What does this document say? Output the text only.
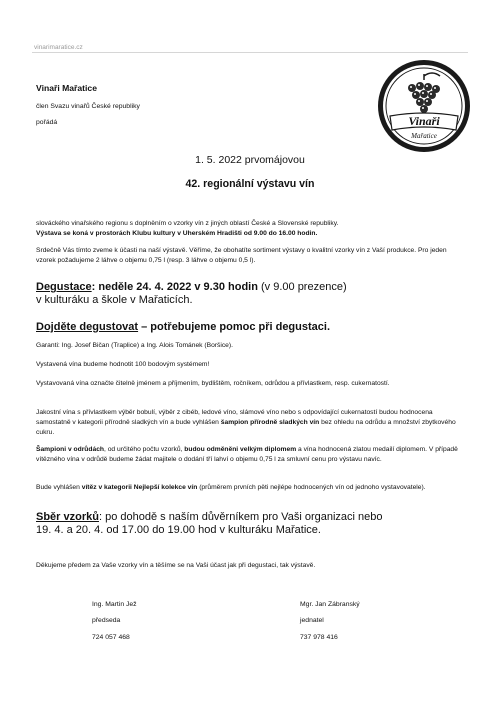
vinarimaratice.cz
Vinaři Mařatice
člen Svazu vinařů České republiky
pořádá	Vinaři
Mařatice
1. 5. 2022 prvomájovou
42. regionální výstavu vín
slováckého vinařského regionu s doplněním o vzorky vín z jiných oblastí České a Slovenské republiky.
Výstava se koná v prostorách Klubu kultury v Uherském Hradišti od 9.00 do 16.00 hodin.
Srdečně Vás tímto zveme k účasti na naší výstavě. Věříme, že obohatíte sortiment výstavy o kvalitní vzorky vín z Vaší produkce. Pro jeden vzorek požadujeme 2 láhve o objemu 0,75 l (resp. 3 láhve o objemu 0,5 l).
Degustace: neděle 24. 4. 2022 v 9.30 hodin (v 9.00 prezence)
v kulturáku a škole v Mařaticích.
Dojděte degustovat – potřebujeme pomoc při degustaci.
Garanti: Ing. Josef Bičan (Traplice) a Ing. Alois Tománek (Boršice).
Vystavená vína budeme hodnotit 100 bodovým systémem!
Vystavovaná vína označte čitelně jménem a příjmením, bydlištěm, ročníkem, odrůdou a přívlastkem, resp. cukernatostí.
Jakostní vína s přívlastkem výběr bobulí, výběr z cibéb, ledové víno, slámové víno nebo s odpovídající cukernatostí budou hodnocena samostatně v kategorii přírodně sladkých vín a bude vyhlášen šampion přírodně sladkých vín bez ohledu na odrůdu a množství zbytkového cukru.
Šampioni v odrůdách, od určitého počtu vzorků, budou odměněni velkým diplomem a vína hodnocená zlatou medailí diplomem. V případě vítězného vína v odrůdě budeme žádat majitele o dodání tří lahví o objemu 0,75 l za smluvní cenu pro výstavu navíc.
Bude vyhlášen vítěz v kategorii Nejlepší kolekce vín (průměrem prvních pěti nejlépe hodnocených vín od jednoho vystavovatele).
Sběr vzorků: po dohodě s naším důvěrníkem pro Vaši organizaci nebo
19. 4. a 20. 4. od 17.00 do 19.00 hod v kulturáku Mařatice.
Děkujeme předem za Vaše vzorky vín a těšíme se na Vaši účast jak při degustaci, tak výstavě.
Ing. Martin Jež
předseda
724 057 468
Mgr. Jan Zábranský
jednatel
737 978 416
